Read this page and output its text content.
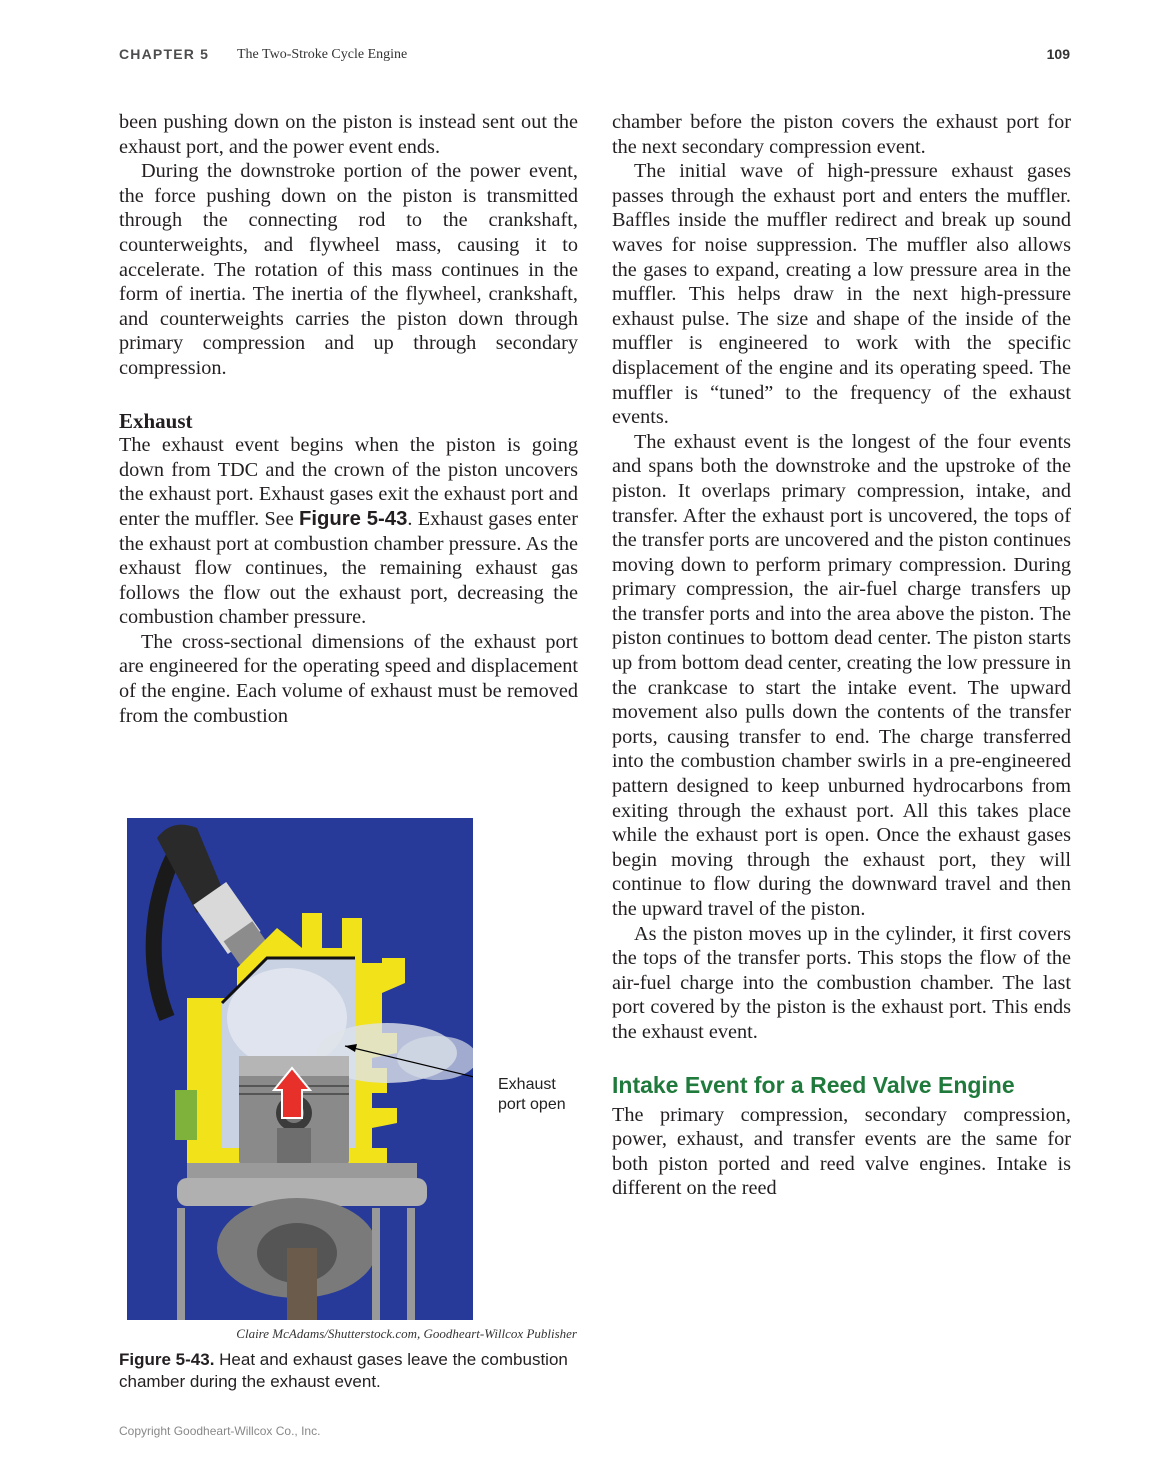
CHAPTER 5 The Two-Stroke Cycle Engine	109

been pushing down on the piston is instead sent out the exhaust port, and the power event ends.

During the downstroke portion of the power event, the force pushing down on the piston is transmitted through the connecting rod to the crankshaft, counterweights, and flywheel mass, causing it to accelerate. The rotation of this mass continues in the form of inertia. The inertia of the flywheel, crankshaft, and counterweights carries the piston down through primary compression and up through secondary compression.

Exhaust

The exhaust event begins when the piston is going down from TDC and the crown of the piston uncovers the exhaust port. Exhaust gases exit the exhaust port and enter the muffler. See Figure 5-43. Exhaust gases enter the exhaust port at combustion chamber pressure. As the exhaust flow continues, the remaining exhaust gas follows the flow out the exhaust port, decreasing the combustion chamber pressure.

The cross-sectional dimensions of the exhaust port are engineered for the operating speed and displacement of the engine. Each volume of exhaust must be removed from the combustion

chamber before the piston covers the exhaust port for the next secondary compression event.

The initial wave of high-pressure exhaust gases passes through the exhaust port and enters the muffler. Baffles inside the muffler redirect and break up sound waves for noise suppression. The muffler also allows the gases to expand, creating a low pressure area in the muffler. This helps draw in the next high-pressure exhaust pulse. The size and shape of the inside of the muffler is engineered to work with the specific displacement of the engine and its operating speed. The muffler is “tuned” to the frequency of the exhaust events.

The exhaust event is the longest of the four events and spans both the downstroke and the upstroke of the piston. It overlaps primary compression, intake, and transfer. After the exhaust port is uncovered, the tops of the transfer ports are uncovered and the piston continues moving down to perform primary compression. During primary compression, the air-fuel charge transfers up the transfer ports and into the area above the piston. The piston continues to bottom dead center. The piston starts up from bottom dead center, creating the low pressure in the crankcase to start the intake event. The upward movement also pulls down the contents of the transfer ports, causing transfer to end. The charge transferred into the combustion chamber swirls in a pre-engineered pattern designed to keep unburned hydrocarbons from exiting through the exhaust port. All this takes place while the exhaust port is open. Once the exhaust gases begin moving through the exhaust port, they will continue to flow during the downward travel and then the upward travel of the piston.

As the piston moves up in the cylinder, it first covers the tops of the transfer ports. This stops the flow of the air-fuel charge into the combustion chamber. The last port covered by the piston is the exhaust port. This ends the exhaust event.

Intake Event for a Reed Valve Engine

The primary compression, secondary compression, power, exhaust, and transfer events are the same for both piston ported and reed valve engines. Intake is different on the reed

Exhaust
port open
Claire McAdams/Shutterstock.com, Goodheart-Willcox Publisher
Figure 5-43. Heat and exhaust gases leave the combustion chamber during the exhaust event.
Copyright Goodheart-Willcox Co., Inc.
